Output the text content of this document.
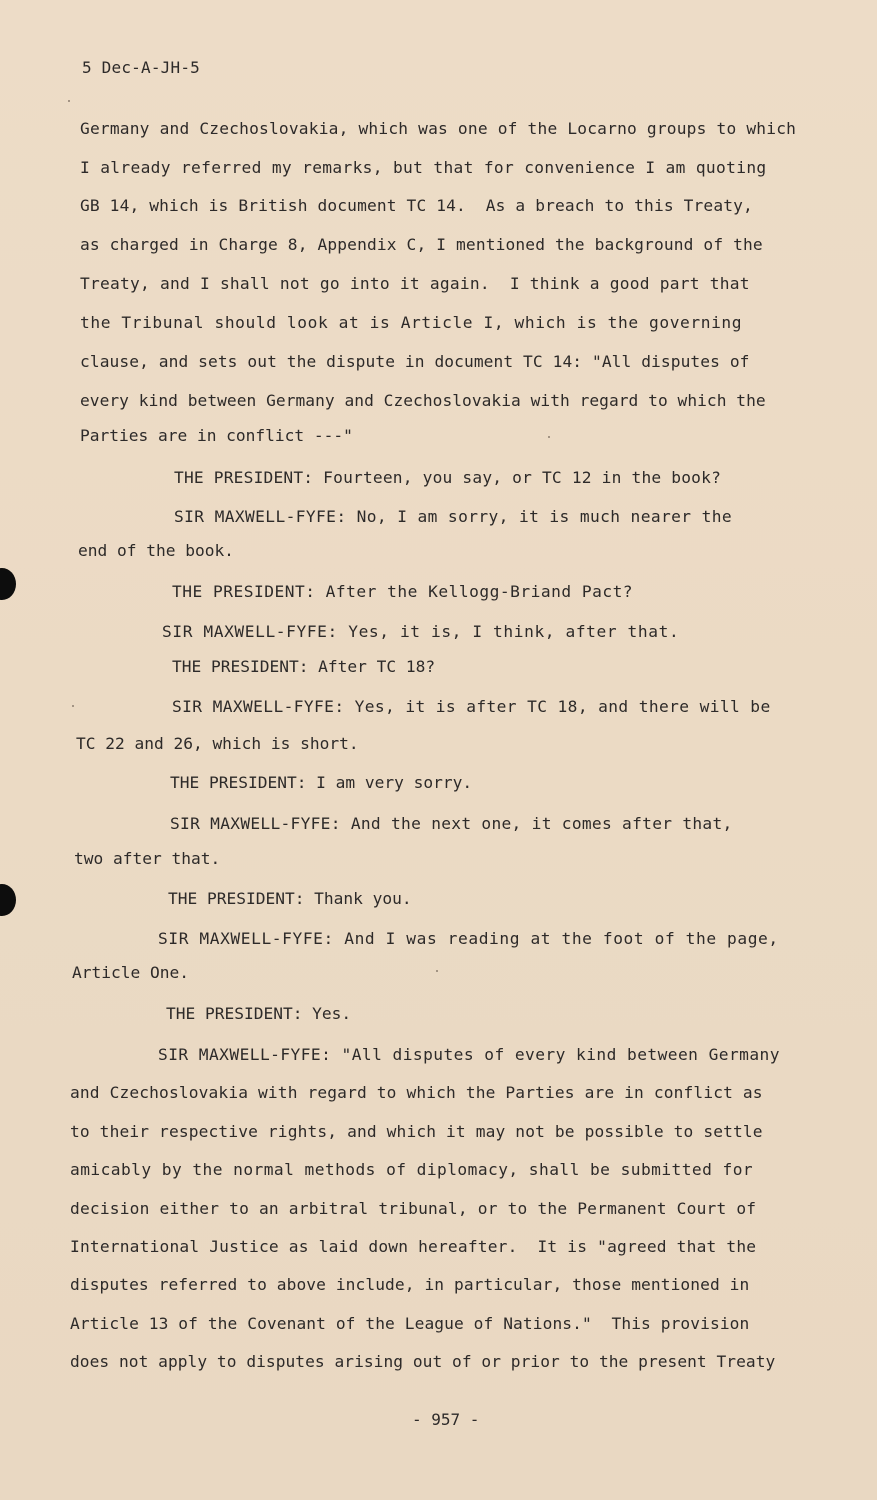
5 Dec-A-JH-5
Germany and Czechoslovakia, which was one of the Locarno groups to which
I already referred my remarks, but that for convenience I am quoting
GB 14, which is British document TC 14.  As a breach to this Treaty,
as charged in Charge 8, Appendix C, I mentioned the background of the
Treaty, and I shall not go into it again.  I think a good part that
the Tribunal should look at is Article I, which is the governing
clause, and sets out the dispute in document TC 14: "All disputes of
every kind between Germany and Czechoslovakia with regard to which the
Parties are in conflict ---"
THE PRESIDENT: Fourteen, you say, or TC 12 in the book?
SIR MAXWELL-FYFE: No, I am sorry, it is much nearer the
end of the book.
THE PRESIDENT: After the Kellogg-Briand Pact?
SIR MAXWELL-FYFE: Yes, it is, I think, after that.
THE PRESIDENT: After TC 18?
SIR MAXWELL-FYFE: Yes, it is after TC 18, and there will be
TC 22 and 26, which is short.
THE PRESIDENT: I am very sorry.
SIR MAXWELL-FYFE: And the next one, it comes after that,
two after that.
THE PRESIDENT: Thank you.
SIR MAXWELL-FYFE: And I was reading at the foot of the page,
Article One.
THE PRESIDENT: Yes.
SIR MAXWELL-FYFE: "All disputes of every kind between Germany
and Czechoslovakia with regard to which the Parties are in conflict as
to their respective rights, and which it may not be possible to settle
amicably by the normal methods of diplomacy, shall be submitted for
decision either to an arbitral tribunal, or to the Permanent Court of
International Justice as laid down hereafter.  It is "agreed that the
disputes referred to above include, in particular, those mentioned in
Article 13 of the Covenant of the League of Nations."  This provision
does not apply to disputes arising out of or prior to the present Treaty
- 957 -
